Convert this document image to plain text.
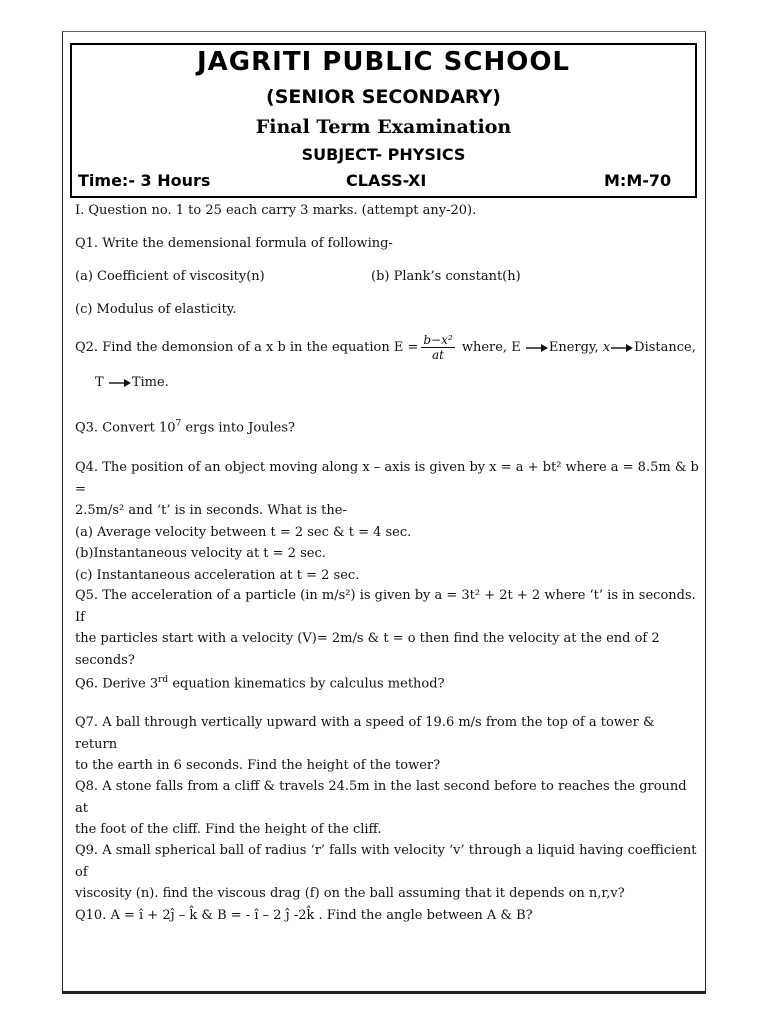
JAGRITI PUBLIC SCHOOL
(SENIOR SECONDARY)
Final Term Examination
SUBJECT- PHYSICS
Time:- 3 Hours	CLASS-XI	M:M-70
I. Question no. 1 to 25 each carry 3 marks. (attempt any-20).
Q1. Write the demensional formula of following-
(a) Coefficient of viscosity(n)	(b) Plank’s constant(h)
(c) Modulus of elasticity.
Q2. Find the demonsion of a x b in the equation $E = \frac{\text{b−x²}}{at}$ where, E Energy, x Distance,
T Time.
Q3. Convert $10^7$ ergs into Joules?
Q4. The position of an object moving along x – axis is given by x = a + bt² where a = 8.5m & b =
2.5m/s² and ‘t’ is in seconds. What is the-
(a) Average velocity between t = 2 sec & t = 4 sec.
(b)Instantaneous velocity at t = 2 sec.
(c) Instantaneous acceleration at t = 2 sec.
Q5. The acceleration of a particle (in m/s²) is given by a = 3t² + 2t + 2 where ‘t’ is in seconds. If
the particles start with a velocity (V)= 2m/s & t = o then find the velocity at the end of 2
seconds?
Q6. Derive 3rd equation kinematics by calculus method?
Q7. A ball through vertically upward with a speed of 19.6 m/s from the top of a tower & return
to the earth in 6 seconds. Find the height of the tower?
Q8. A stone falls from a cliff & travels 24.5m in the last second before to reaches the ground at
the foot of the cliff. Find the height of the cliff.
Q9. A small spherical ball of radius ‘r’ falls with velocity ‘v’ through a liquid having coefficient of
viscosity (n). find the viscous drag (f) on the ball assuming that it depends on n,r,v?
Q10. A = î + 2ĵ – k̂ & B = - î – 2 ĵ -2k̂ . Find the angle between A & B?
